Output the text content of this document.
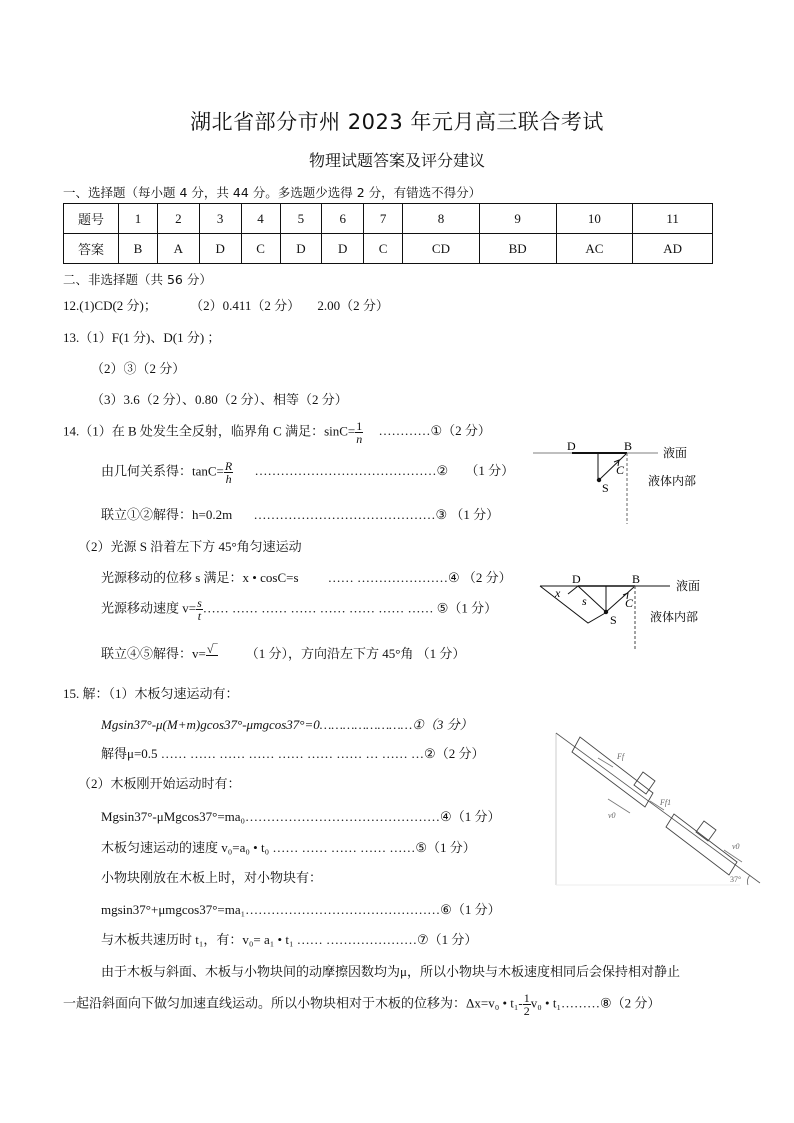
湖北省部分市州 2023 年元月高三联合考试
物理试题答案及评分建议
一、选择题（每小题 4 分，共 44 分。多选题少选得 2 分，有错选不得分）
题号	1	2	3	4	5	6	7	8	9	10	11
答案	B	A	D	C	D	D	C	CD	BD	AC	AD
二、非选择题（共 56 分）
12.(1)CD(2 分)；	（2）0.411（2 分） 2.00（2 分）
13.（1）F(1 分)、D(1 分) ；
（2）③（2 分）
（3）3.6（2 分）、0.80（2 分）、相等（2 分）
14.（1）在 B 处发生全反射，临界角 C 满足：$\sin C= \frac{1}{n}$ …………①（2 分）
由几何关系得：$\tan C= \frac{R}{h}$ ……………………………………② （1 分）
联立①②解得：h=0.2m ……………………………………③ （1 分）
（2）光源 S 沿着左下方 45°角匀速运动
光源移动的位移 s 满足：x • cosC=s …… …………………④ （2 分）
光源移动速度 $v= \frac{s}{t}$ …… …… …… …… …… …… …… …… ⑤（1 分）
联立④⑤解得：v= √‾ （1 分），方向沿左下方 45°角 （1 分）
D	B
S
C
液面
液体内部
D	B
S
C
x
s
液面
液体内部
Ff
Ff1
v0
v0
37°
15. 解：（1）木板匀速运动有：
Mgsin37°-μ(M+m)gcos37°-μmgcos37°=0……………………①（3 分）
解得μ=0.5 …… …… …… …… …… …… …… … …… …②（2 分）
（2）木板刚开始运动时有：
Mgsin37°-μMgcos37°=ma₀………………………………………④（1 分）
木板匀速运动的速度 v₀=a₀ • t₀ …… …… …… …… ……⑤（1 分）
小物块刚放在木板上时，对小物块有：
mgsin37°+μmgcos37°=ma₁………………………………………⑥（1 分）
与木板共速历时 t₁，有：v₀= a₁ • t₁ …… …………………⑦（1 分）
由于木板与斜面、木板与小物块间的动摩擦因数均为μ，所以小物块与木板速度相同后会保持相对静止
一起沿斜面向下做匀加速直线运动。所以小物块相对于木板的位移为：Δx=v₀ • $t_1- \frac{1}{2} v_0$ • t₁………⑧（2 分）
